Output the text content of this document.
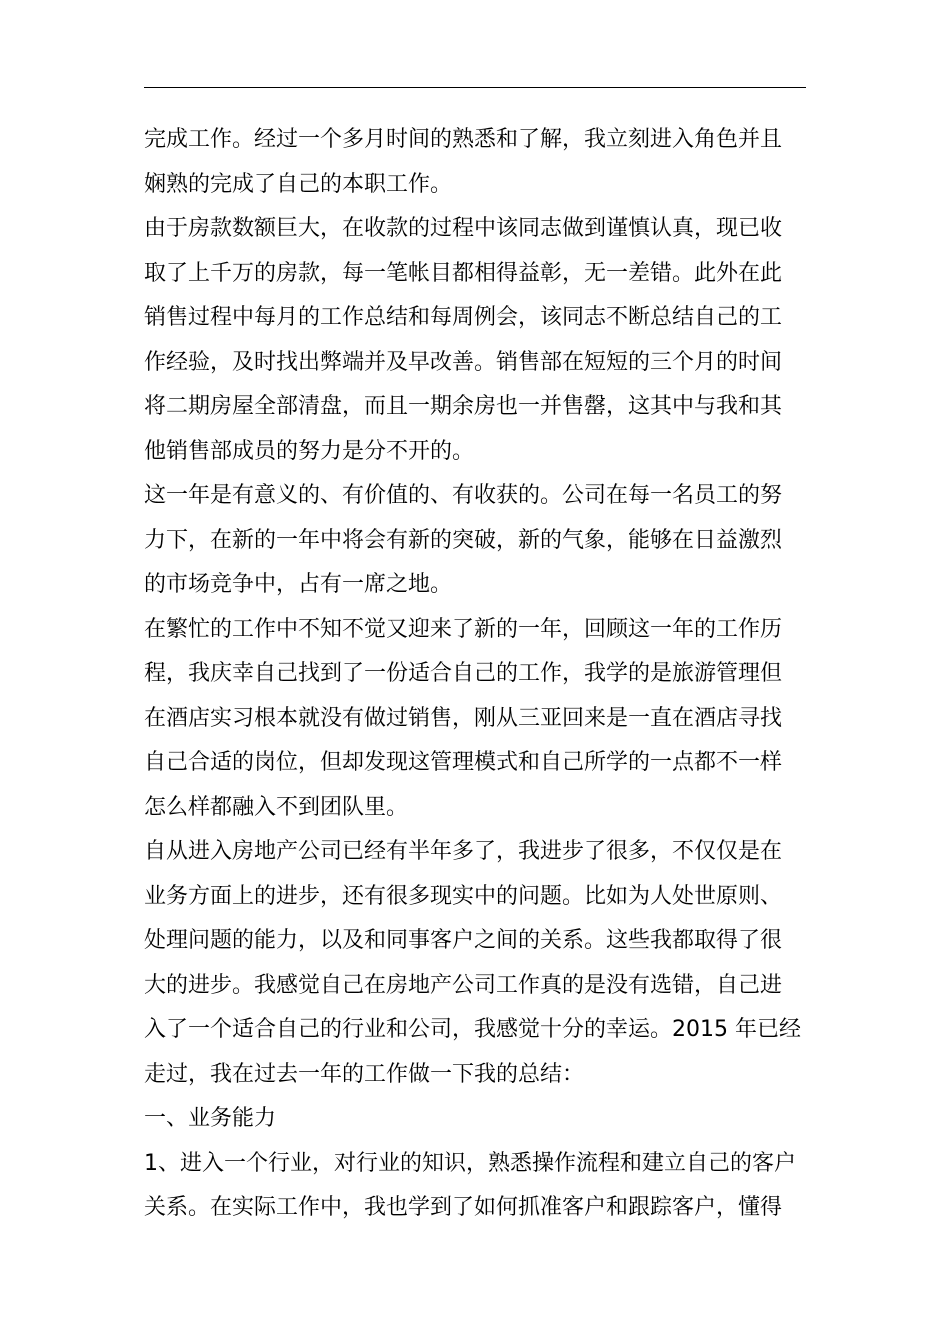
完成工作。经过一个多月时间的熟悉和了解，我立刻进入角色并且
娴熟的完成了自己的本职工作。

由于房款数额巨大，在收款的过程中该同志做到谨慎认真，现已收
取了上千万的房款，每一笔帐目都相得益彰，无一差错。此外在此
销售过程中每月的工作总结和每周例会，该同志不断总结自己的工
作经验，及时找出弊端并及早改善。销售部在短短的三个月的时间
将二期房屋全部清盘，而且一期余房也一并售罄，这其中与我和其
他销售部成员的努力是分不开的。

这一年是有意义的、有价值的、有收获的。公司在每一名员工的努
力下，在新的一年中将会有新的突破，新的气象，能够在日益激烈
的市场竞争中，占有一席之地。

在繁忙的工作中不知不觉又迎来了新的一年，回顾这一年的工作历
程，我庆幸自己找到了一份适合自己的工作，我学的是旅游管理但
在酒店实习根本就没有做过销售，刚从三亚回来是一直在酒店寻找
自己合适的岗位，但却发现这管理模式和自己所学的一点都不一样
怎么样都融入不到团队里。

自从进入房地产公司已经有半年多了，我进步了很多，不仅仅是在
业务方面上的进步，还有很多现实中的问题。比如为人处世原则、
处理问题的能力，以及和同事客户之间的关系。这些我都取得了很
大的进步。我感觉自己在房地产公司工作真的是没有选错，自己进
入了一个适合自己的行业和公司，我感觉十分的幸运。2015 年已经
走过，我在过去一年的工作做一下我的总结：

一、业务能力

1、进入一个行业，对行业的知识，熟悉操作流程和建立自己的客户
关系。在实际工作中，我也学到了如何抓准客户和跟踪客户，懂得
